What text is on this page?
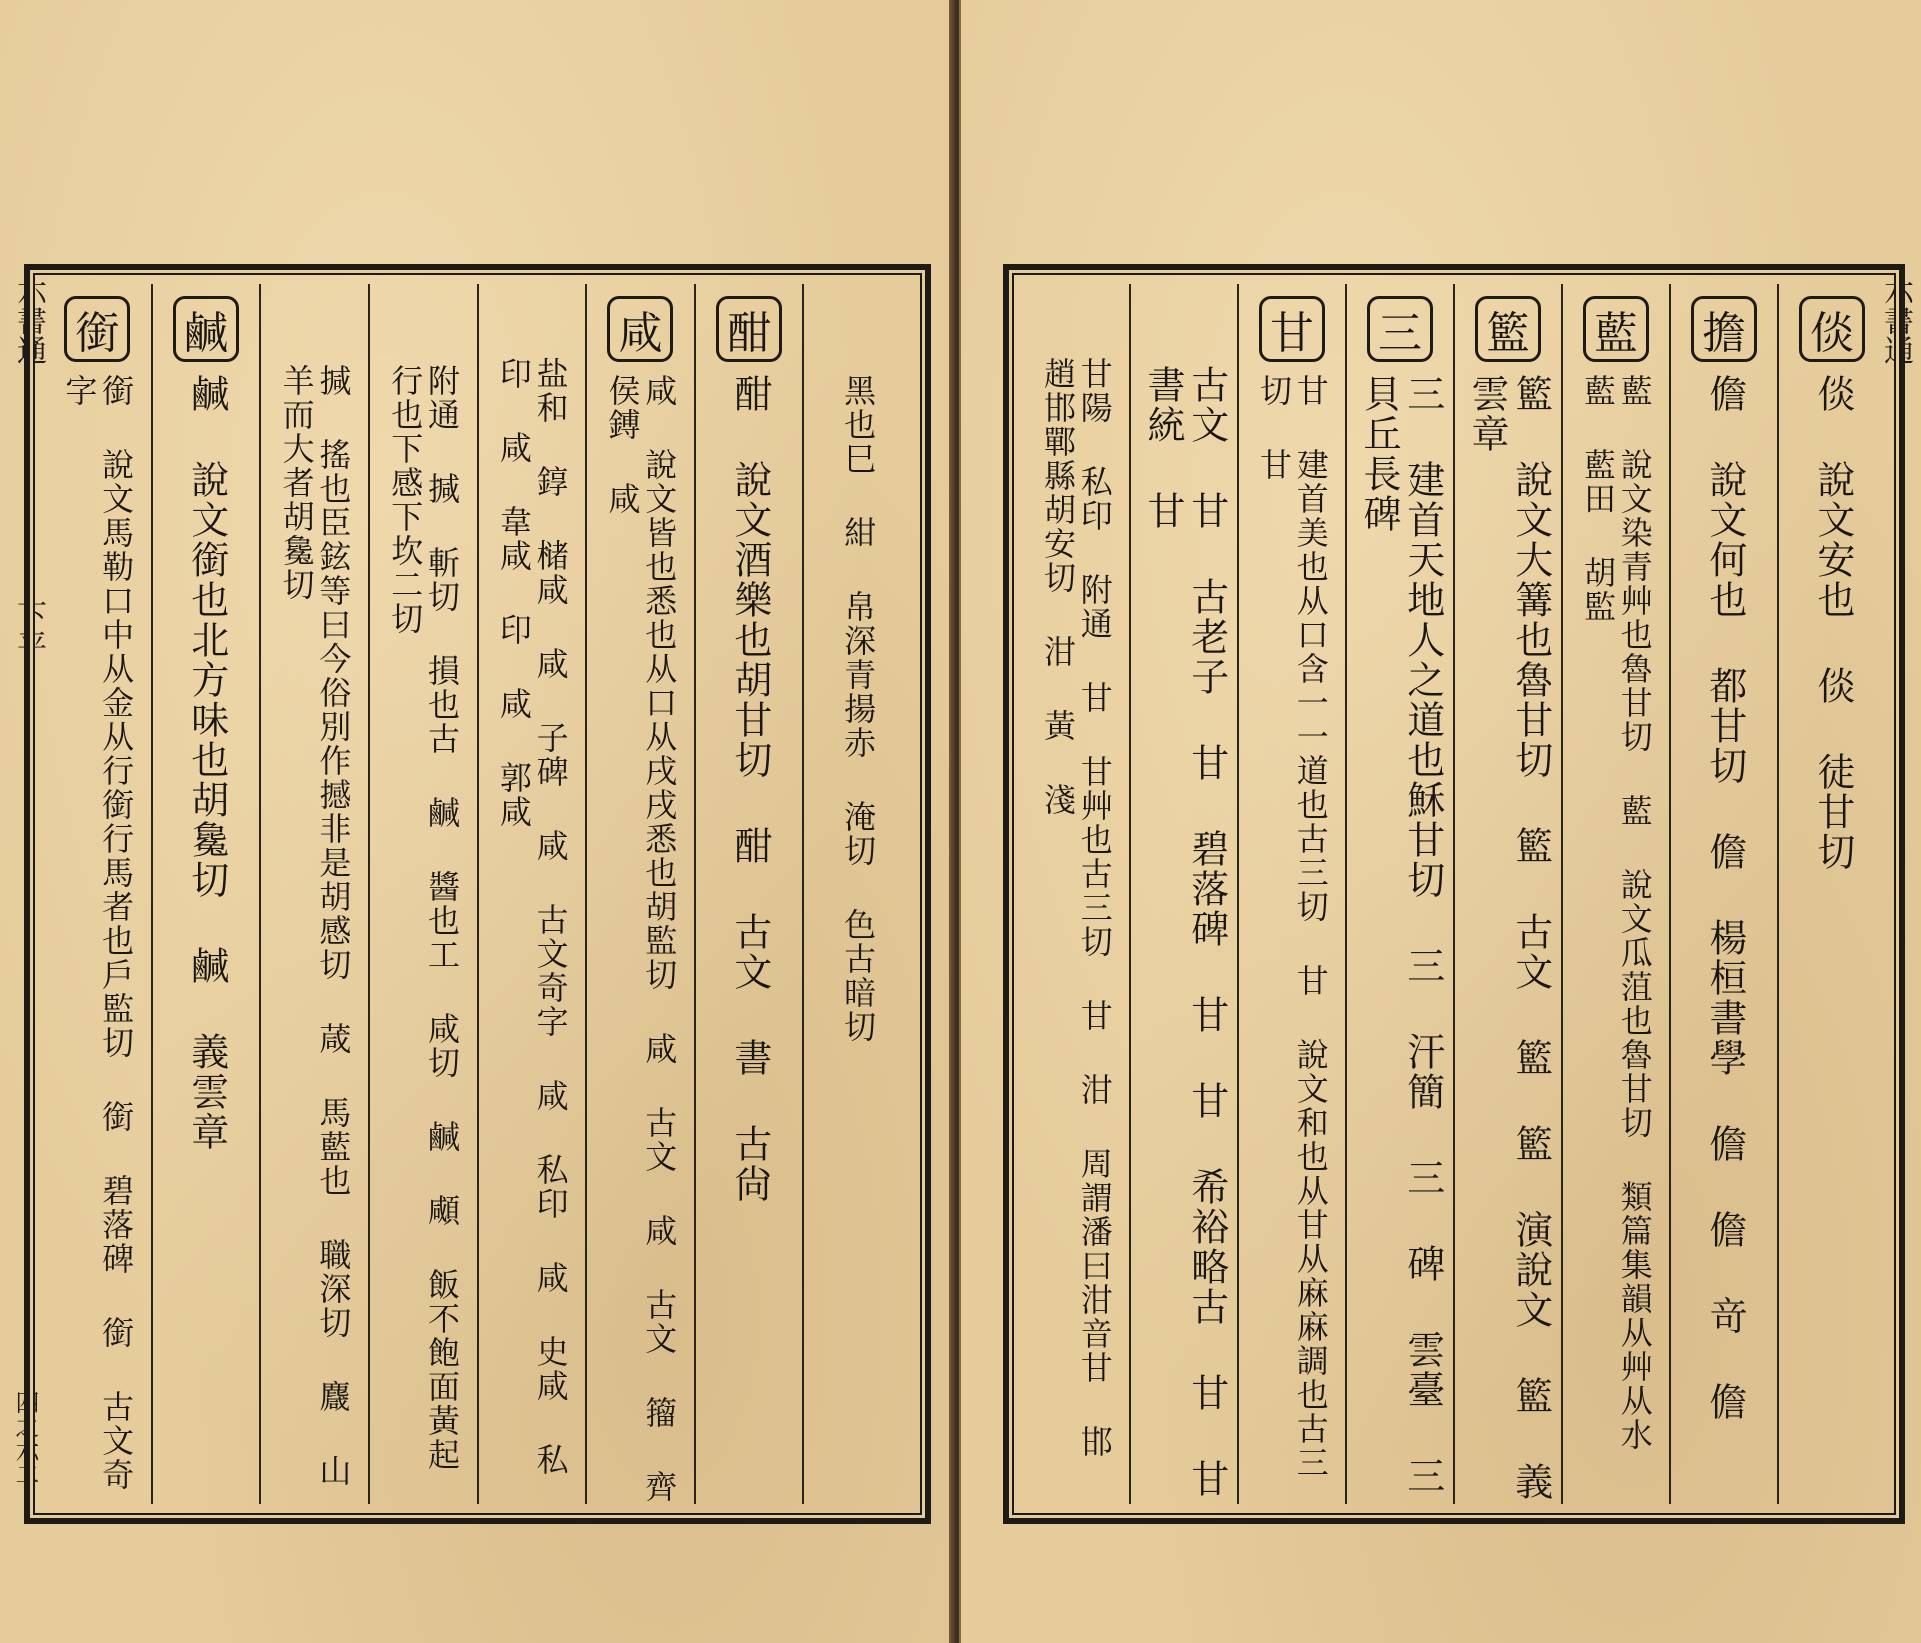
六書通
下平
四之六二
黑也巳 紺 帛深青揚赤 淹切 色古暗切
酣
酣 說文酒樂也胡甘切 酣 古文 書 古尙
咸
咸 說文皆也悉也从口从戌戌悉也胡監切 咸 古文 咸 古文 籀 齊侯鎛 咸
盐和 錞 槠咸 咸 子碑 咸 古文奇字 咸 私印 咸 史咸 私印 咸 韋咸 印 咸 郭咸
附通 㨔 斬切 損也古 鹹 醬也工 咸切 鹹 顑 飯不飽面黃起行也下感下坎二切
㨔 搖也臣鉉等曰今俗別作撼非是胡感切 葴 馬藍也 職深切 麙 山羊而大者胡毚切
鹹
鹹 說文銜也北方味也胡毚切 鹹 義雲章
銜
銜 說文馬勒口中从金从行銜行馬者也戶監切 銜 碧落碑 銜 古文奇字
六書通
倓
倓 說文安也 倓 徒甘切
擔
儋 說文何也 都甘切 儋 楊桓書學 儋 儋 竒 儋
藍
藍 說文染青艸也魯甘切 藍 說文瓜菹也魯甘切 類篇集韻从艸从水 藍 藍田 胡監
籃
籃 說文大篝也魯甘切 籃 古文 籃 籃 演說文 籃 義雲章
三
三 建首天地人之道也穌甘切 三 汗簡 三 碑 雲臺 三 貝丘長碑
甘
甘 建首美也从口含一一道也古三切 甘 說文和也从甘从麻麻調也古三切 甘
古文 甘 古老子 甘 碧落碑 甘 甘 希裕略古 甘 甘 書統 甘
甘陽 私印 附通 甘 甘艸也古三切 甘 泔 周謂潘曰泔音甘 邯 趙邯鄲縣胡安切 泔 黃 淺
